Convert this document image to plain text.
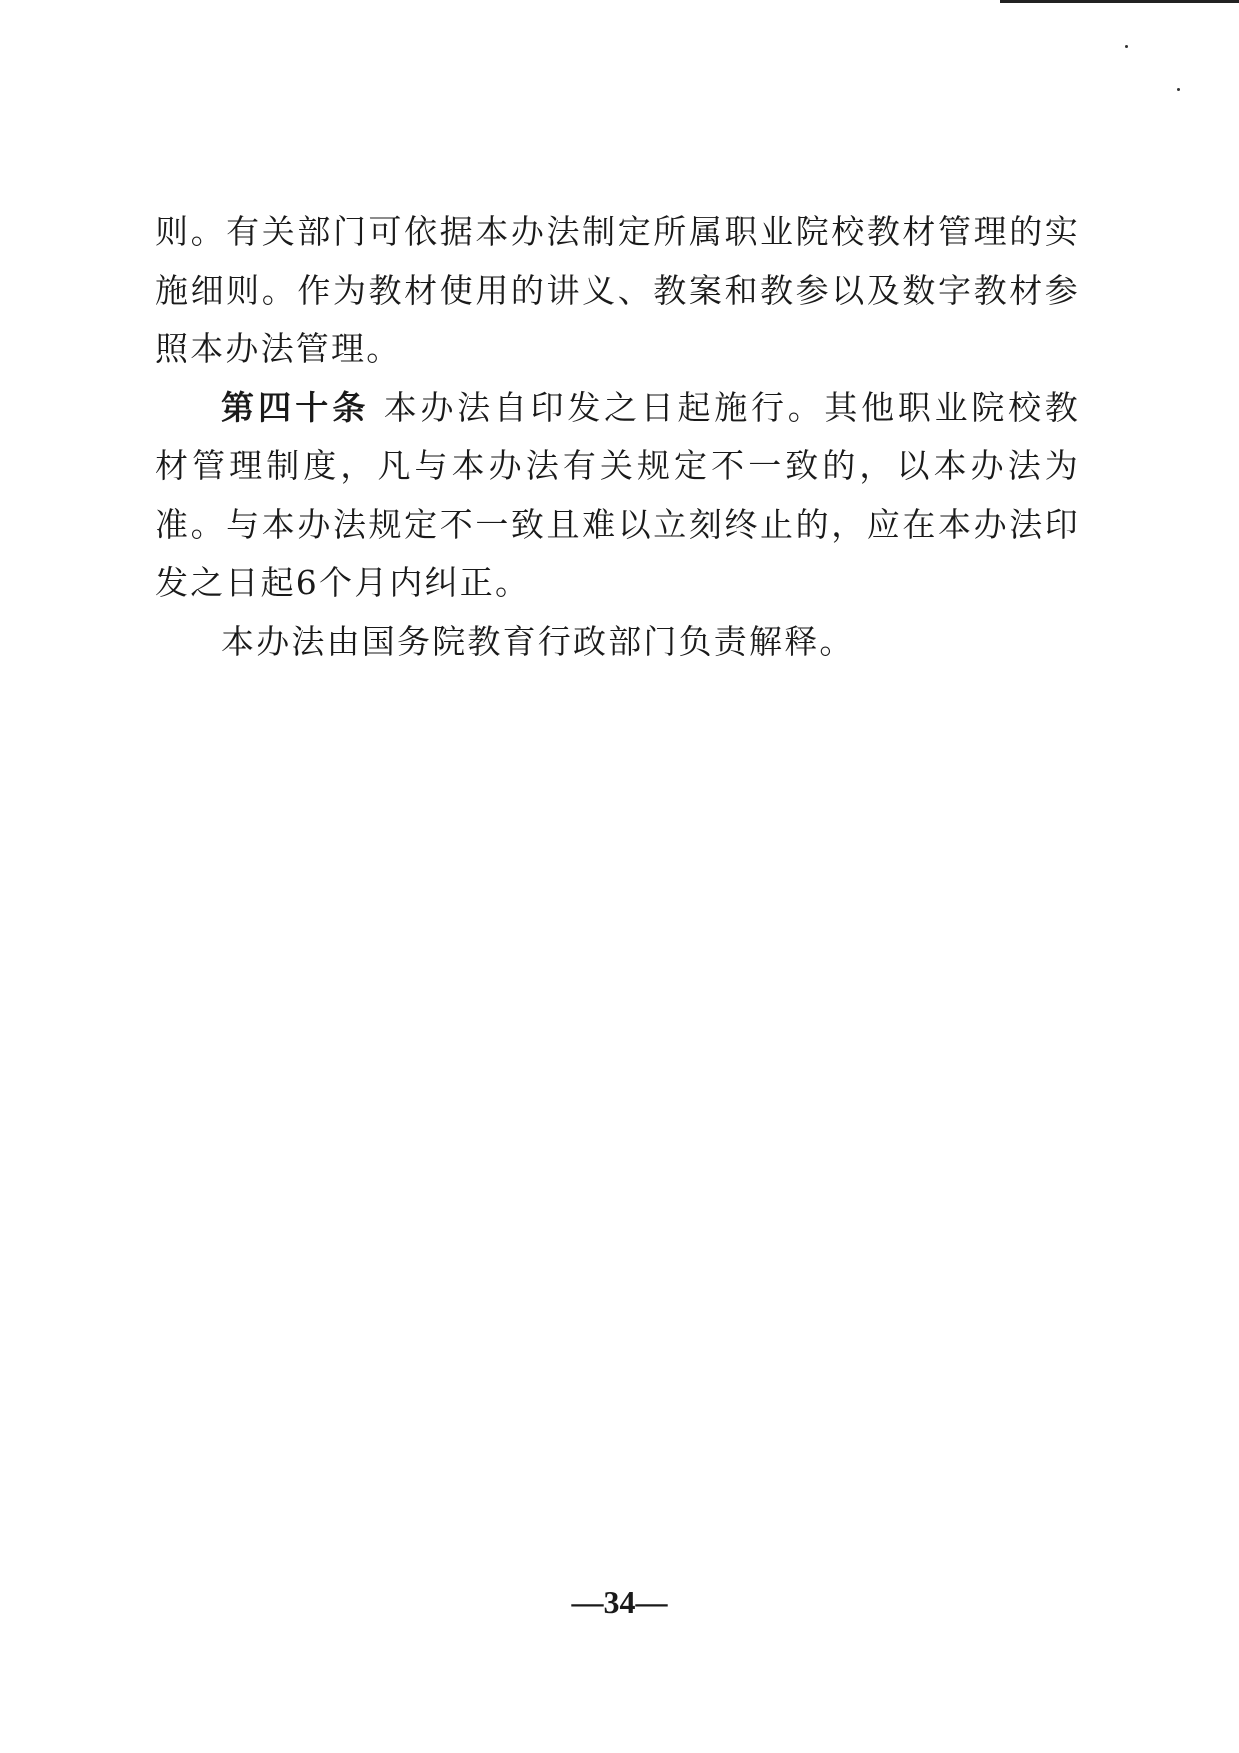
则。有关部门可依据本办法制定所属职业院校教材管理的实施细则。作为教材使用的讲义、教案和教参以及数字教材参照本办法管理。

第四十条 本办法自印发之日起施行。其他职业院校教材管理制度，凡与本办法有关规定不一致的，以本办法为准。与本办法规定不一致且难以立刻终止的，应在本办法印发之日起6个月内纠正。

本办法由国务院教育行政部门负责解释。

—34—
